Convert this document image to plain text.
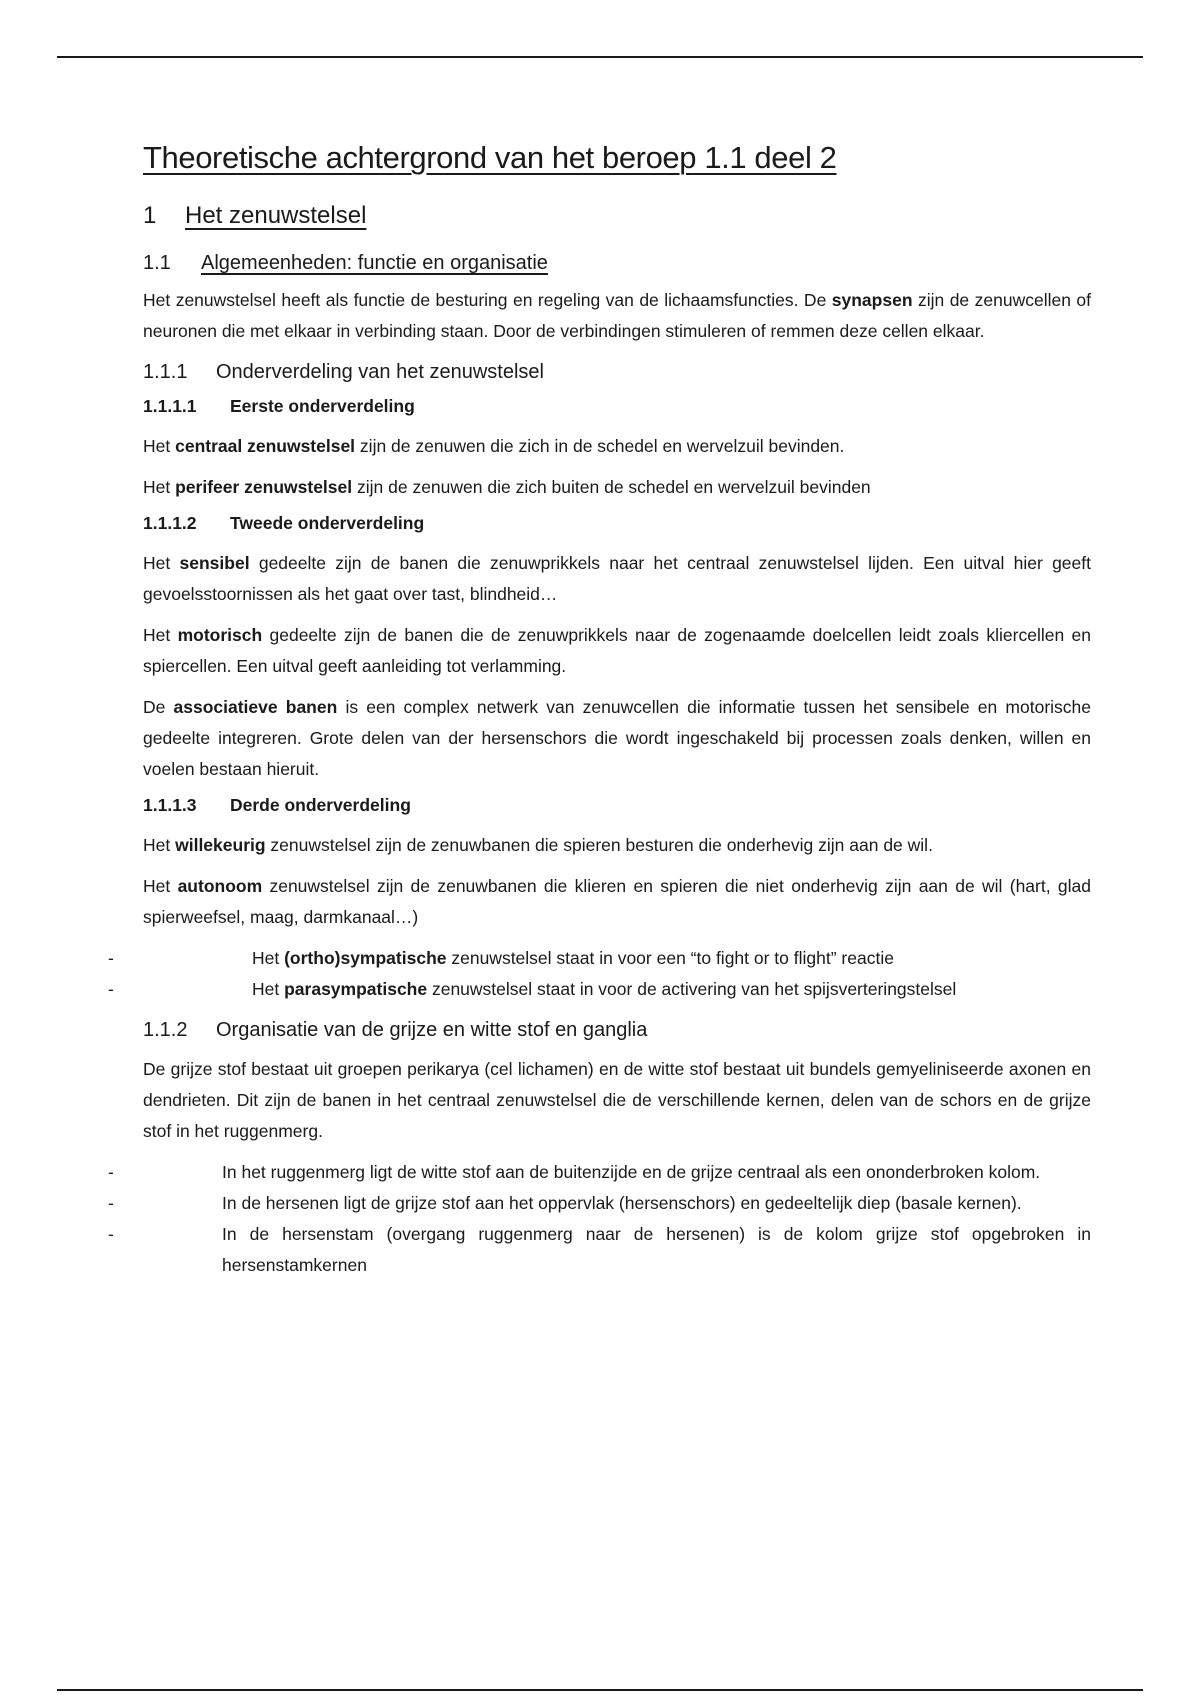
Theoretische achtergrond van het beroep 1.1 deel 2
1	Het zenuwstelsel
1.1	Algemeenheden: functie en organisatie

Het zenuwstelsel heeft als functie de besturing en regeling van de lichaamsfuncties. De synapsen zijn de zenuwcellen of neuronen die met elkaar in verbinding staan. Door de verbindingen stimuleren of remmen deze cellen elkaar.

1.1.1	Onderverdeling van het zenuwstelsel
1.1.1.1	Eerste onderverdeling

Het centraal zenuwstelsel zijn de zenuwen die zich in de schedel en wervelzuil bevinden.

Het perifeer zenuwstelsel zijn de zenuwen die zich buiten de schedel en wervelzuil bevinden

1.1.1.2	Tweede onderverdeling

Het sensibel gedeelte zijn de banen die zenuwprikkels naar het centraal zenuwstelsel lijden. Een uitval hier geeft gevoelsstoornissen als het gaat over tast, blindheid…

Het motorisch gedeelte zijn de banen die de zenuwprikkels naar de zogenaamde doelcellen leidt zoals kliercellen en spiercellen. Een uitval geeft aanleiding tot verlamming.

De associatieve banen is een complex netwerk van zenuwcellen die informatie tussen het sensibele en motorische gedeelte integreren. Grote delen van der hersenschors die wordt ingeschakeld bij processen zoals denken, willen en voelen bestaan hieruit.

1.1.1.3	Derde onderverdeling

Het willekeurig zenuwstelsel zijn de zenuwbanen die spieren besturen die onderhevig zijn aan de wil.

Het autonoom zenuwstelsel zijn de zenuwbanen die klieren en spieren die niet onderhevig zijn aan de wil (hart, glad spierweefsel, maag, darmkanaal…)

-	Het (ortho)sympatische zenuwstelsel staat in voor een “to fight or to flight” reactie
-	Het parasympatische zenuwstelsel staat in voor de activering van het spijsverteringstelsel
1.1.2	Organisatie van de grijze en witte stof en ganglia

De grijze stof bestaat uit groepen perikarya (cel lichamen) en de witte stof bestaat uit bundels gemyeliniseerde axonen en dendrieten. Dit zijn de banen in het centraal zenuwstelsel die de verschillende kernen, delen van de schors en de grijze stof in het ruggenmerg.

-	In het ruggenmerg ligt de witte stof aan de buitenzijde en de grijze centraal als een ononderbroken kolom.
-	In de hersenen ligt de grijze stof aan het oppervlak (hersenschors) en gedeeltelijk diep (basale kernen).
-	In de hersenstam (overgang ruggenmerg naar de hersenen) is de kolom grijze stof opgebroken in hersenstamkernen
